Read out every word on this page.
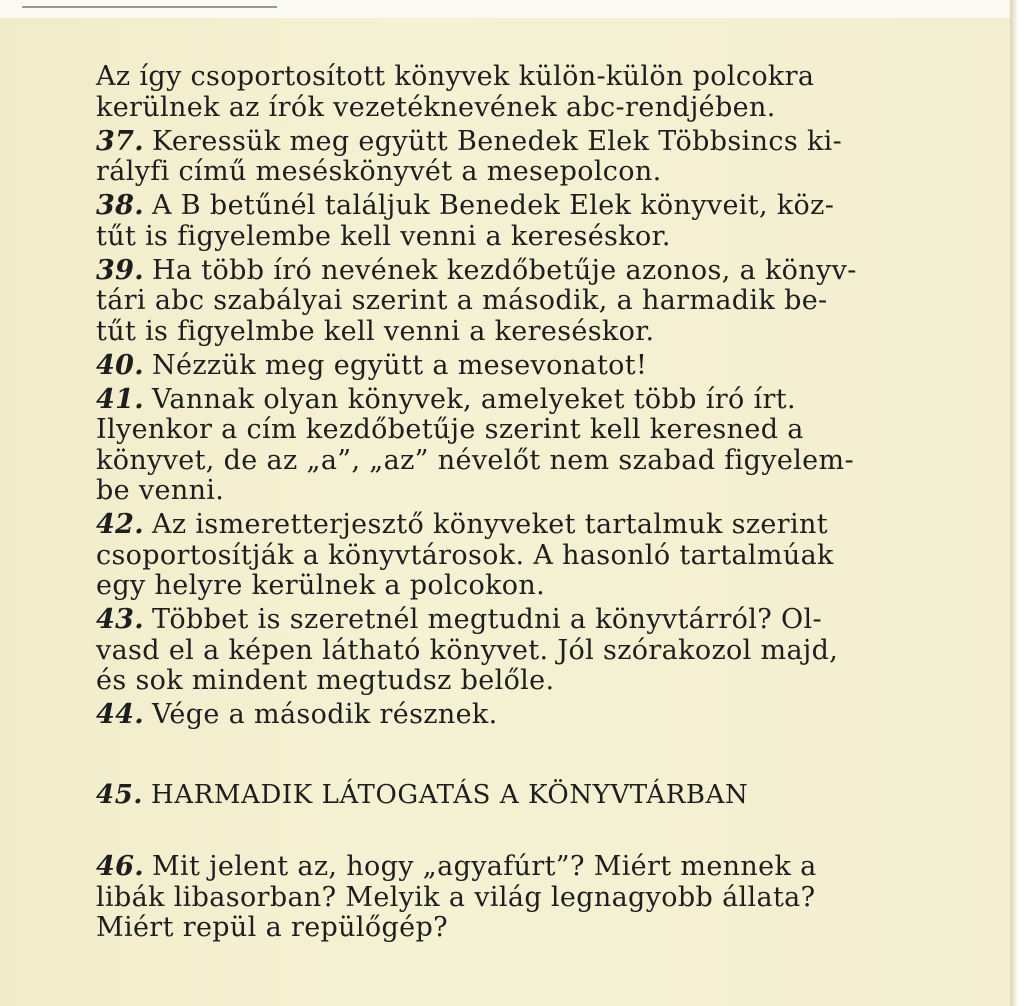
Az így csoportosított könyvek külön-külön polcokra
kerülnek az írók vezetéknevének abc-rendjében.
37. Keressük meg együtt Benedek Elek Többsincs ki-
rályfi című meséskönyvét a mesepolcon.
38. A B betűnél találjuk Benedek Elek könyveit, köz-
tűt is figyelembe kell venni a kereséskor.
39. Ha több író nevének kezdőbetűje azonos, a könyv-
tári abc szabályai szerint a második, a harmadik be-
tűt is figyelmbe kell venni a kereséskor.
40. Nézzük meg együtt a mesevonatot!
41. Vannak olyan könyvek, amelyeket több író írt.
Ilyenkor a cím kezdőbetűje szerint kell keresned a
könyvet, de az „a”, „az” névelőt nem szabad figyelem-
be venni.
42. Az ismeretterjesztő könyveket tartalmuk szerint
csoportosítják a könyvtárosok. A hasonló tartalmúak
egy helyre kerülnek a polcokon.
43. Többet is szeretnél megtudni a könyvtárról? Ol-
vasd el a képen látható könyvet. Jól szórakozol majd,
és sok mindent megtudsz belőle.
44. Vége a második résznek.
45. HARMADIK LÁTOGATÁS A KÖNYVTÁRBAN
46. Mit jelent az, hogy „agyafúrt”? Miért mennek a
libák libasorban? Melyik a világ legnagyobb állata?
Miért repül a repülőgép?
